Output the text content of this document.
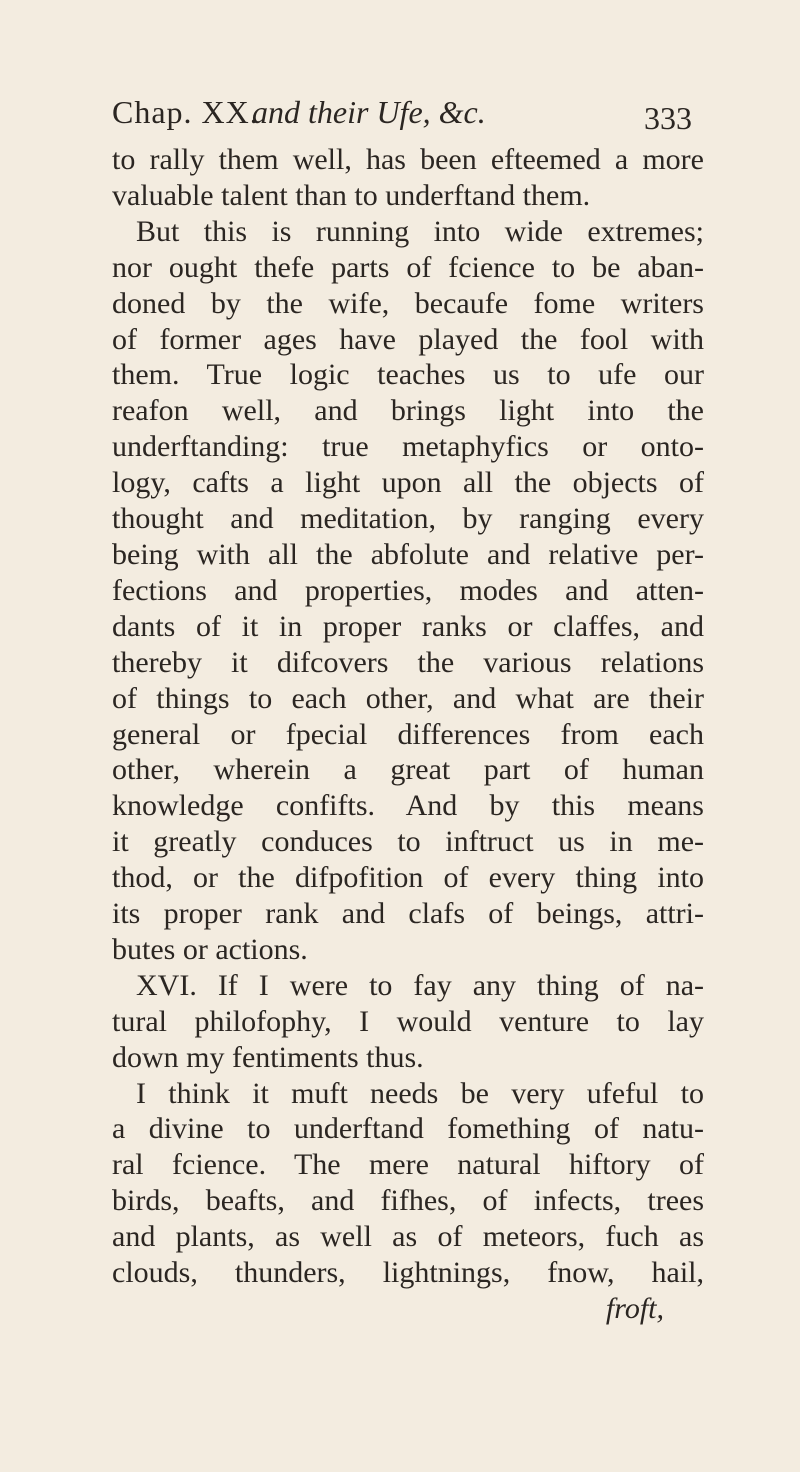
Chap. XX.
and their Ufe, &c.	333
to rally them well, has been efteemed a more
valuable talent than to underftand them.
But this is running into wide extremes;
nor ought thefe parts of fcience to be aban-
doned by the wife, becaufe fome writers
of former ages have played the fool with
them. True logic teaches us to ufe our
reafon well, and brings light into the
underftanding: true metaphyfics or onto-
logy, cafts a light upon all the objects of
thought and meditation, by ranging every
being with all the abfolute and relative per-
fections and properties, modes and atten-
dants of it in proper ranks or claffes, and
thereby it difcovers the various relations
of things to each other, and what are their
general or fpecial differences from each
other, wherein a great part of human
knowledge confifts. And by this means
it greatly conduces to inftruct us in me-
thod, or the difpofition of every thing into
its proper rank and clafs of beings, attri-
butes or actions.
XVI. If I were to fay any thing of na-
tural philofophy, I would venture to lay
down my fentiments thus.
I think it muft needs be very ufeful to
a divine to underftand fomething of natu-
ral fcience. The mere natural hiftory of
birds, beafts, and fifhes, of infects, trees
and plants, as well as of meteors, fuch as
clouds, thunders, lightnings, fnow, hail,
froft,
